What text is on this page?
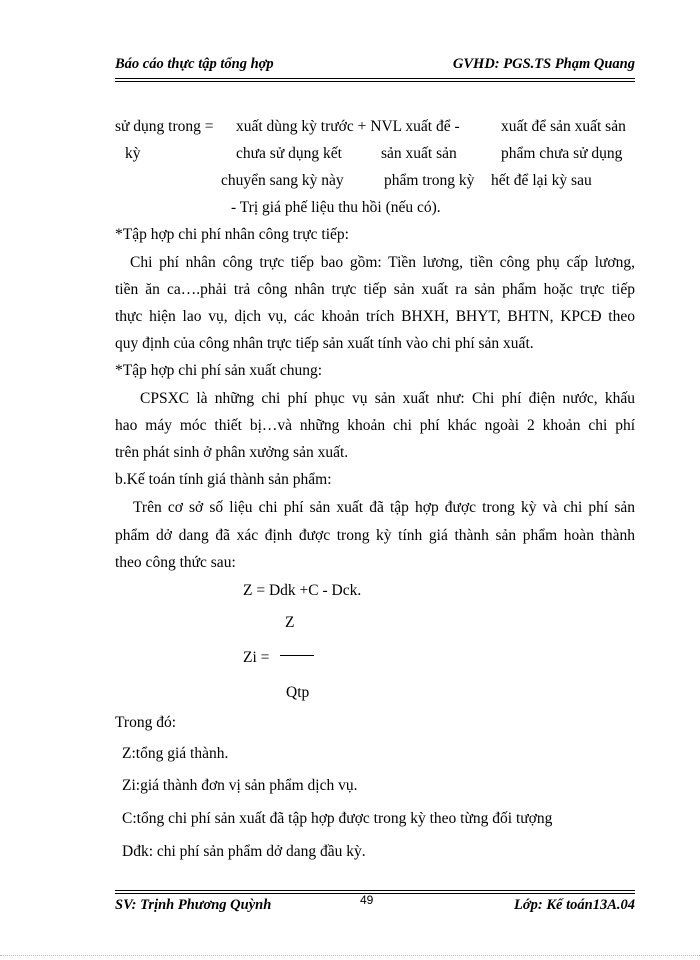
Báo cáo thực tập tổng hợp	GVHD: PGS.TS Phạm Quang
sử dụng trong = xuất dùng kỳ trước + NVL xuất để -	xuất để sản xuất sản
kỳ	chưa sử dụng kết	sản xuất sản	phẩm chưa sử dụng
chuyển sang kỳ này	phẩm trong kỳ hết để lại kỳ sau
- Trị giá phế liệu thu hồi (nếu có).
*Tập hợp chi phí nhân công trực tiếp:
Chi phí nhân công trực tiếp bao gồm: Tiền lương, tiền công phụ cấp lương,
tiền ăn ca….phải trả công nhân trực tiếp sản xuất ra sản phẩm hoặc trực tiếp
thực hiện lao vụ, dịch vụ, các khoản trích BHXH, BHYT, BHTN, KPCĐ theo
quy định của công nhân trực tiếp sản xuất tính vào chi phí sản xuất.
*Tập hợp chi phí sản xuất chung:
CPSXC là những chi phí phục vụ sản xuất như: Chi phí điện nước, khấu
hao máy móc thiết bị…và những khoản chi phí khác ngoài 2 khoản chi phí
trên phát sinh ở phân xưởng sản xuất.
b.Kế toán tính giá thành sản phẩm:
Trên cơ sở số liệu chi phí sản xuất đã tập hợp được trong kỳ và chi phí sản
phẩm dở dang đã xác định được trong kỳ tính giá thành sản phẩm hoàn thành
theo công thức sau:
Z = Ddk +C - Dck.
Z
Zi =
Qtp
Trong đó:
Z:tổng giá thành.
Zi:giá thành đơn vị sản phẩm dịch vụ.
C:tổng chi phí sản xuất đã tập hợp được trong kỳ theo từng đối tượng
Dđk: chi phí sản phẩm dở dang đầu kỳ.
SV: Trịnh Phương Quỳnh	Lớp: Kế toán13A.04
49
